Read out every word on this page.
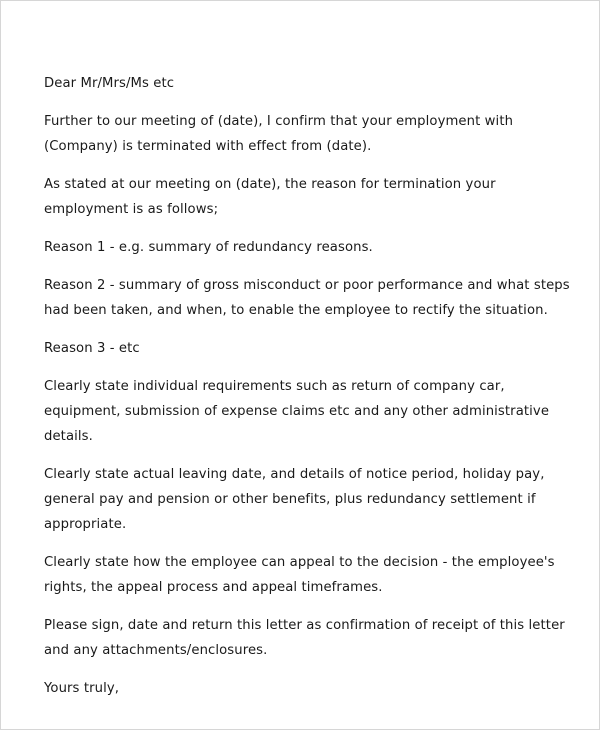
Dear Mr/Mrs/Ms etc

Further to our meeting of (date), I confirm that your employment with (Company) is terminated with effect from (date).

As stated at our meeting on (date), the reason for termination your employment is as follows;

Reason 1 - e.g. summary of redundancy reasons.

Reason 2 - summary of gross misconduct or poor performance and what steps had been taken, and when, to enable the employee to rectify the situation.

Reason 3 - etc

Clearly state individual requirements such as return of company car, equipment, submission of expense claims etc and any other administrative details.

Clearly state actual leaving date, and details of notice period, holiday pay, general pay and pension or other benefits, plus redundancy settlement if appropriate.

Clearly state how the employee can appeal to the decision - the employee's rights, the appeal process and appeal timeframes.

Please sign, date and return this letter as confirmation of receipt of this letter and any attachments/enclosures.

Yours truly,
